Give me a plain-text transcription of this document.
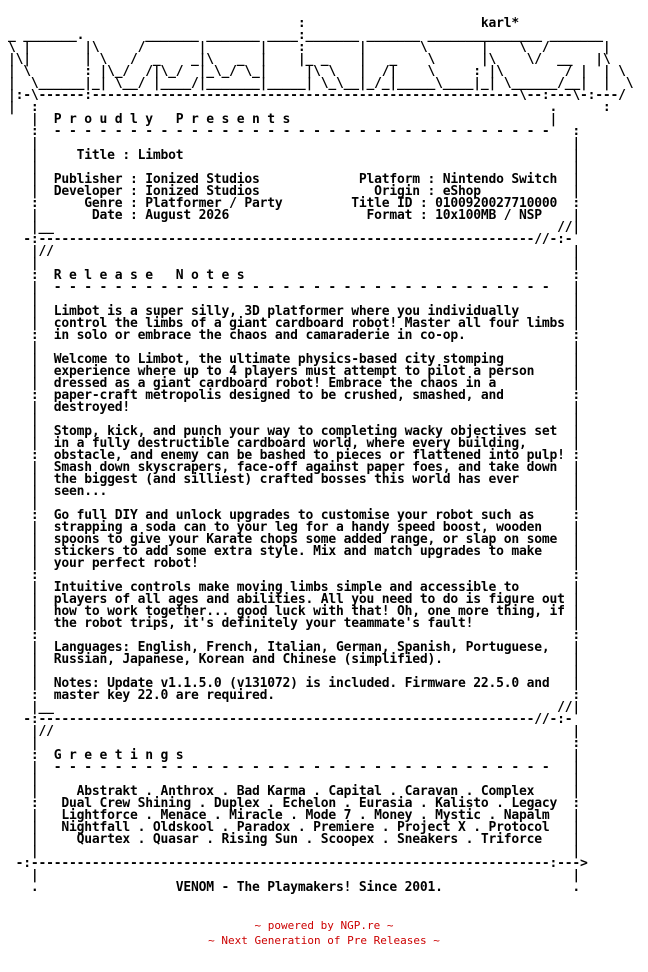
:                       karl*
_ _______.        _______ _______ ____:_______ _______ _______________ _______
\ |       |\     /       |       |    :       |       \       |    \  /       |
|\|       | \   /  _    _|\   _  |    |_ _    |   _    \      |\    \/  __   |\
| \       : |\_/  /|\_/  |_\_/ \_|     |\ \   |  /|    \     : |\        / |  | \
|  \______|_| \__/ |____/|_______|_____| \_\__|_/_|_____\____|_| \______/__|  |  \
|:-\------:--------------------------------------------------------\--:---\-:---/
|  :                                                                   .      :
|  P r o u d l y   P r e s e n t s                                  |
:  - - - - - - - - - - - - - - - - - - - - - - - - - - - - - - - - -   :
|                                                                      |
|     Title : Limbot                                                   |
|                                                                      |
|  Publisher : Ionized Studios             Platform : Nintendo Switch  |
|  Developer : Ionized Studios               Origin : eShop            |
:      Genre : Platformer / Party         Title ID : 0100920027710000  :
|       Date : August 2026                  Format : 10x100MB / NSP    |
|__                                                                  //|
-:-----------------------------------------------------------------//-:-
|//                                                                    |
|                                                                      |
:  R e l e a s e   N o t e s                                           :
|  - - - - - - - - - - - - - - - - - - - - - - - - - - - - - - - - -   |
|                                                                      |
|  Limbot is a super silly, 3D platformer where you individually       |
|  control the limbs of a giant cardboard robot! Master all four limbs |
:  in solo or embrace the chaos and camaraderie in co-op.              :
|                                                                      |
|  Welcome to Limbot, the ultimate physics-based city stomping         |
|  experience where up to 4 players must attempt to pilot a person     |
|  dressed as a giant cardboard robot! Embrace the chaos in a          |
:  paper-craft metropolis designed to be crushed, smashed, and         :
|  destroyed!                                                          |
|                                                                      |
|  Stomp, kick, and punch your way to completing wacky objectives set  |
|  in a fully destructible cardboard world, where every building,      |
:  obstacle, and enemy can be bashed to pieces or flattened into pulp! :
|  Smash down skyscrapers, face-off against paper foes, and take down  |
|  the biggest (and silliest) crafted bosses this world has ever       |
|  seen...                                                             |
|                                                                      |
:  Go full DIY and unlock upgrades to customise your robot such as     :
|  strapping a soda can to your leg for a handy speed boost, wooden    |
|  spoons to give your Karate chops some added range, or slap on some  |
|  stickers to add some extra style. Mix and match upgrades to make    |
|  your perfect robot!                                                 |
:                                                                      :
|  Intuitive controls make moving limbs simple and accessible to       |
|  players of all ages and abilities. All you need to do is figure out |
|  how to work together... good luck with that! Oh, one more thing, if |
|  the robot trips, it's definitely your teammate's fault!             |
:                                                                      :
|  Languages: English, French, Italian, German, Spanish, Portuguese,   |
|  Russian, Japanese, Korean and Chinese (simplified).                 |
|                                                                      |
|  Notes: Update v1.1.5.0 (v131072) is included. Firmware 22.5.0 and   |
:  master key 22.0 are required.                                       :
|__                                                                  //|
-:-----------------------------------------------------------------//-:-
|//                                                                    |
|                                                                      :
:  G r e e t i n g s                                                   |
|  - - - - - - - - - - - - - - - - - - - - - - - - - - - - - - - - -   |
|                                                                      |
|     Abstrakt . Anthrox . Bad Karma . Capital . Caravan . Complex     |
:   Dual Crew Shining . Duplex . Echelon . Eurasia . Kalisto . Legacy  :
|   Lightforce . Menace . Miracle . Mode 7 . Money . Mystic . Napalm   |
|   Nightfall . Oldskool . Paradox . Premiere . Project X . Protocol   |
|     Quartex . Quasar . Rising Sun . Scoopex . Sneakers . Triforce    |
|                                                                      |
-:--------------------------------------------------------------------:--->
|                                                                      |
.                  VENOM - The Playmakers! Since 2001.                 .
~ powered by NGP.re ~
~ Next Generation of Pre Releases ~
